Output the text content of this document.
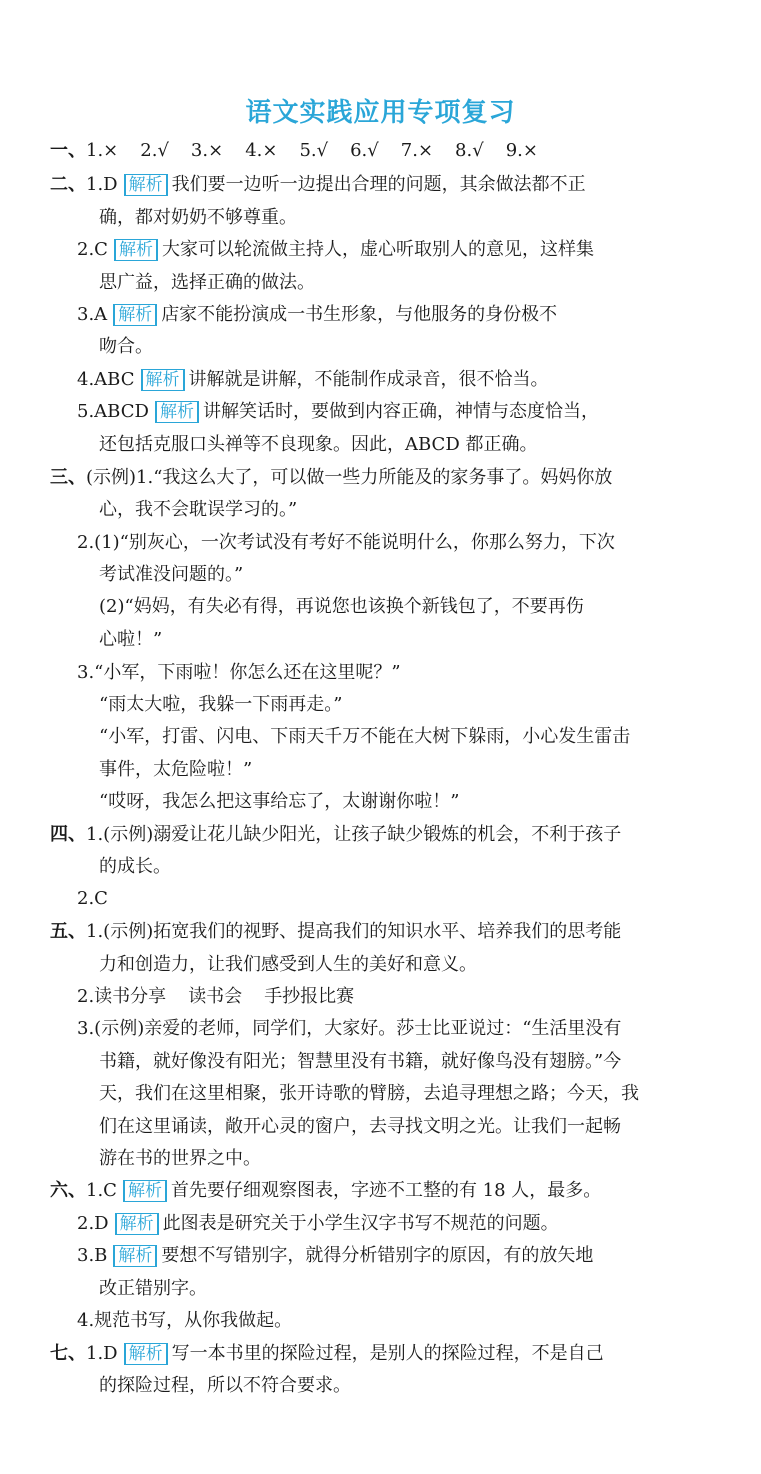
语文实践应用专项复习
一、1.× 2.√ 3.× 4.× 5.√ 6.√ 7.× 8.√ 9.×
二、1.D 解析 我们要一边听一边提出合理的问题，其余做法都不正
确，都对奶奶不够尊重。
2.C 解析 大家可以轮流做主持人，虚心听取别人的意见，这样集
思广益，选择正确的做法。
3.A 解析 店家不能扮演成一书生形象，与他服务的身份极不
吻合。
4.ABC 解析 讲解就是讲解，不能制作成录音，很不恰当。
5.ABCD 解析 讲解笑话时，要做到内容正确，神情与态度恰当，
还包括克服口头禅等不良现象。因此，ABCD 都正确。
三、(示例)1.“我这么大了，可以做一些力所能及的家务事了。妈妈你放
心，我不会耽误学习的。”
2.(1)“别灰心，一次考试没有考好不能说明什么，你那么努力，下次
考试准没问题的。”
(2)“妈妈，有失必有得，再说您也该换个新钱包了，不要再伤
心啦！”
3.“小军，下雨啦！你怎么还在这里呢？”
“雨太大啦，我躲一下雨再走。”
“小军，打雷、闪电、下雨天千万不能在大树下躲雨，小心发生雷击
事件，太危险啦！”
“哎呀，我怎么把这事给忘了，太谢谢你啦！”
四、1.(示例)溺爱让花儿缺少阳光，让孩子缺少锻炼的机会，不利于孩子
的成长。
2.C
五、1.(示例)拓宽我们的视野、提高我们的知识水平、培养我们的思考能
力和创造力，让我们感受到人生的美好和意义。
2.读书分享 读书会 手抄报比赛
3.(示例)亲爱的老师，同学们，大家好。莎士比亚说过：“生活里没有
书籍，就好像没有阳光；智慧里没有书籍，就好像鸟没有翅膀。”今
天，我们在这里相聚，张开诗歌的臂膀，去追寻理想之路；今天，我
们在这里诵读，敞开心灵的窗户，去寻找文明之光。让我们一起畅
游在书的世界之中。
六、1.C 解析 首先要仔细观察图表，字迹不工整的有 18 人，最多。
2.D 解析 此图表是研究关于小学生汉字书写不规范的问题。
3.B 解析 要想不写错别字，就得分析错别字的原因，有的放矢地
改正错别字。
4.规范书写，从你我做起。
七、1.D 解析 写一本书里的探险过程，是别人的探险过程，不是自己
的探险过程，所以不符合要求。
